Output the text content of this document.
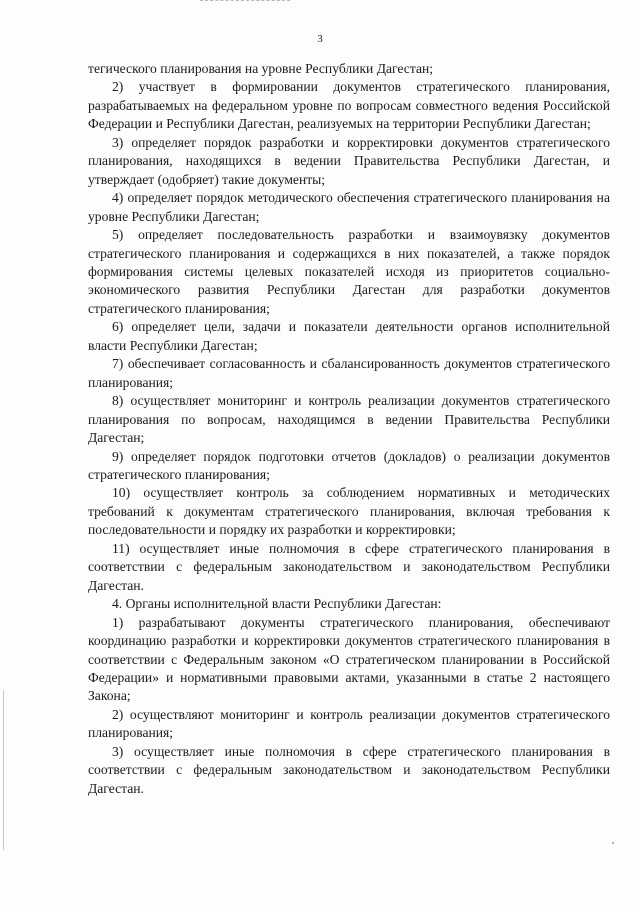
3

тегического планирования на уровне Республики Дагестан;

2) участвует в формировании документов стратегического планирования, разрабатываемых на федеральном уровне по вопросам совместного ведения Российской Федерации и Республики Дагестан, реализуемых на территории Республики Дагестан;

3) определяет порядок разработки и корректировки документов стратегического планирования, находящихся в ведении Правительства Республики Дагестан, и утверждает (одобряет) такие документы;

4) определяет порядок методического обеспечения стратегического планирования на уровне Республики Дагестан;

5) определяет последовательность разработки и взаимоувязку документов стратегического планирования и содержащихся в них показателей, а также порядок формирования системы целевых показателей исходя из приоритетов социально-экономического развития Республики Дагестан для разработки документов стратегического планирования;

6) определяет цели, задачи и показатели деятельности органов исполнительной власти Республики Дагестан;

7) обеспечивает согласованность и сбалансированность документов стратегического планирования;

8) осуществляет мониторинг и контроль реализации документов стратегического планирования по вопросам, находящимся в ведении Правительства Республики Дагестан;

9) определяет порядок подготовки отчетов (докладов) о реализации документов стратегического планирования;

10) осуществляет контроль за соблюдением нормативных и методических требований к документам стратегического планирования, включая требования к последовательности и порядку их разработки и корректировки;

11) осуществляет иные полномочия в сфере стратегического планирования в соответствии с федеральным законодательством и законодательством Республики Дагестан.

4. Органы исполнительной власти Республики Дагестан:

1) разрабатывают документы стратегического планирования, обеспечивают координацию разработки и корректировки документов стратегического планирования в соответствии с Федеральным законом «О стратегическом планировании в Российской Федерации» и нормативными правовыми актами, указанными в статье 2 настоящего Закона;

2) осуществляют мониторинг и контроль реализации документов стратегического планирования;

3) осуществляет иные полномочия в сфере стратегического планирования в соответствии с федеральным законодательством и законодательством Республики Дагестан.
